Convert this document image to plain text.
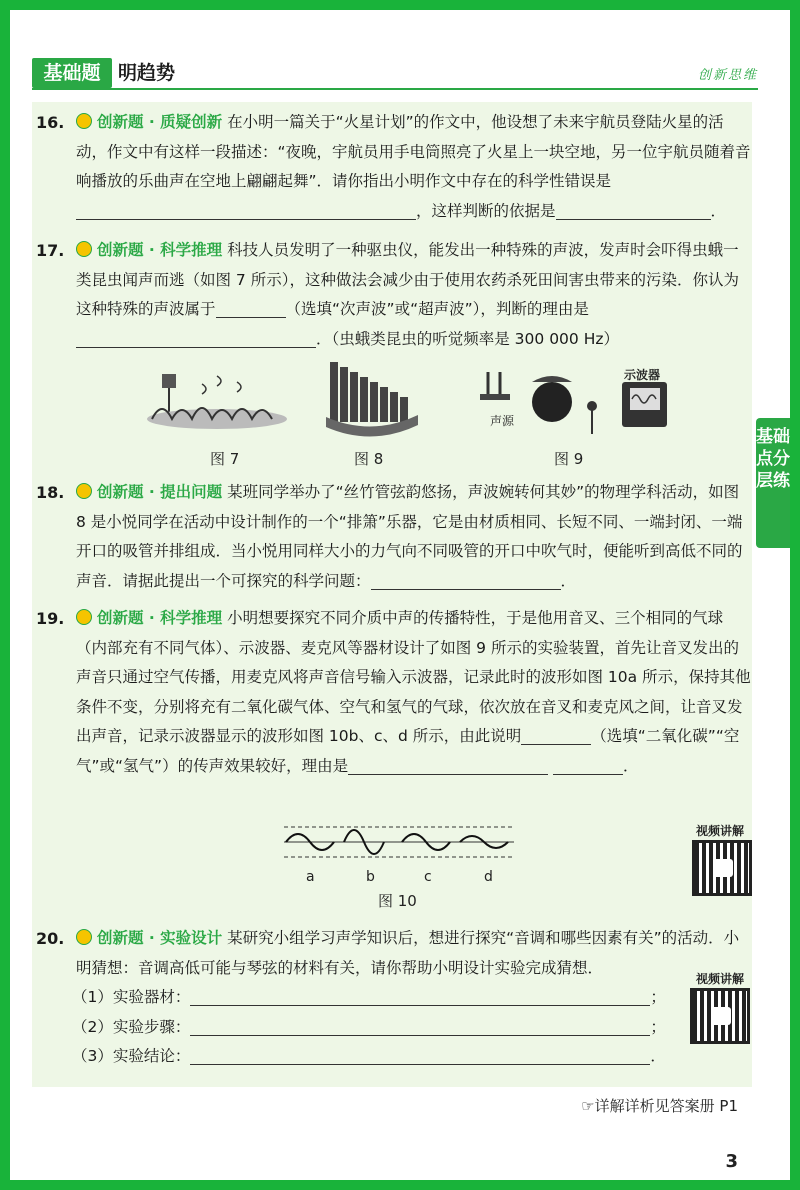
基础题 明趋势	创新思维
基础点分层练
16.	创新题 · 质疑创新 在小明一篇关于“火星计划”的作文中，他设想了未来宇航员登陆火星的活动，作文中有这样一段描述：“夜晚，宇航员用手电筒照亮了火星上一块空地，另一位宇航员随着音响播放的乐曲声在空地上翩翩起舞”．请你指出小明作文中存在的科学性错误是 ，这样判断的依据是	．
17.	创新题 · 科学推理 科技人员发明了一种驱虫仪，能发出一种特殊的声波，发声时会吓得虫蛾一类昆虫闻声而逃（如图 7 所示），这种做法会减少由于使用农药杀死田间害虫带来的污染．你认为这种特殊的声波属于	（选填“次声波”或“超声波”），判断的理由是 ．（虫蛾类昆虫的听觉频率是 300 000 Hz）
声源
示波器
图 7	图 8	图 9
18.	创新题 · 提出问题 某班同学举办了“丝竹管弦韵悠扬，声波婉转何其妙”的物理学科活动，如图 8 是小悦同学在活动中设计制作的一个“排箫”乐器，它是由材质相同、长短不同、一端封闭、一端开口的吸管并排组成．当小悦用同样大小的力气向不同吸管的开口中吹气时，便能听到高低不同的声音．请据此提出一个可探究的科学问题：	．
19.	创新题 · 科学推理 小明想要探究不同介质中声的传播特性，于是他用音叉、三个相同的气球（内部充有不同气体）、示波器、麦克风等器材设计了如图 9 所示的实验装置，首先让音叉发出的声音只通过空气传播，用麦克风将声音信号输入示波器，记录此时的波形如图 10a 所示，保持其他条件不变，分别将充有二氧化碳气体、空气和氢气的气球，依次放在音叉和麦克风之间，让音叉发出声音，记录示波器显示的波形如图 10b、c、d 所示，由此说明	（选填“二氧化碳”“空气”或“氢气”）的传声效果较好，理由是	．
a	b	c	d
图 10
视频讲解
20.	创新题 · 实验设计 某研究小组学习声学知识后，想进行探究“音调和哪些因素有关”的活动．小明猜想：音调高低可能与琴弦的材料有关，请你帮助小明设计实验完成猜想．
（1）实验器材：	；
（2）实验步骤：	；
（3）实验结论：	．
视频讲解
☞详解详析见答案册 P1
3
